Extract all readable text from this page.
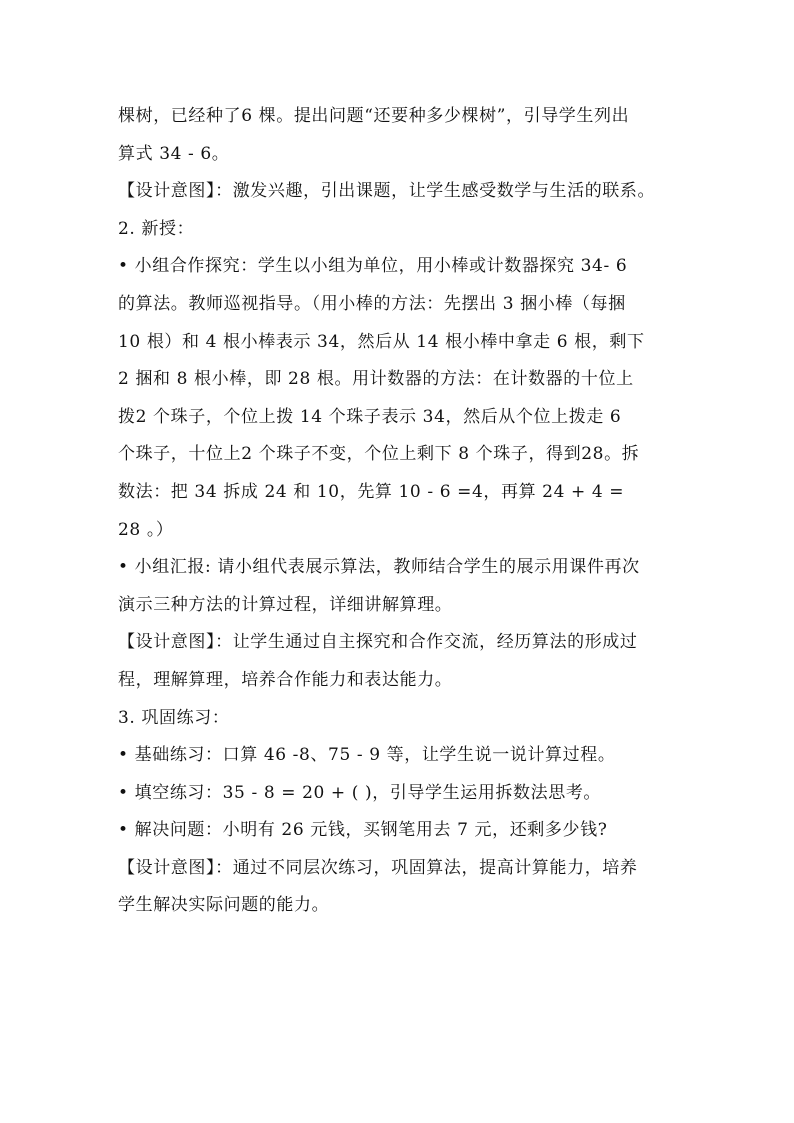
棵树，已经种了6 棵。提出问题“还要种多少棵树”，引导学生列出
算式 34 - 6。
【设计意图】：激发兴趣，引出课题，让学生感受数学与生活的联系。
2. 新授：
• 小组合作探究：学生以小组为单位，用小棒或计数器探究 34- 6
的算法。教师巡视指导。（用小棒的方法：先摆出 3 捆小棒（每捆
10 根）和 4 根小棒表示 34，然后从 14 根小棒中拿走 6 根，剩下
2 捆和 8 根小棒，即 28 根。用计数器的方法：在计数器的十位上
拨2 个珠子，个位上拨 14 个珠子表示 34，然后从个位上拨走 6
个珠子，十位上2 个珠子不变，个位上剩下 8 个珠子，得到28。拆
数法：把 34 拆成 24 和 10，先算 10 - 6 =4，再算 24 + 4 =
28 。）
• 小组汇报: 请小组代表展示算法，教师结合学生的展示用课件再次
演示三种方法的计算过程，详细讲解算理。
【设计意图】：让学生通过自主探究和合作交流，经历算法的形成过
程，理解算理，培养合作能力和表达能力。
3. 巩固练习：
• 基础练习：口算 46 -8、75 - 9 等，让学生说一说计算过程。
• 填空练习：35 - 8 = 20 + ( )，引导学生运用拆数法思考。
• 解决问题：小明有 26 元钱，买钢笔用去 7 元，还剩多少钱?
【设计意图】：通过不同层次练习，巩固算法，提高计算能力，培养
学生解决实际问题的能力。
